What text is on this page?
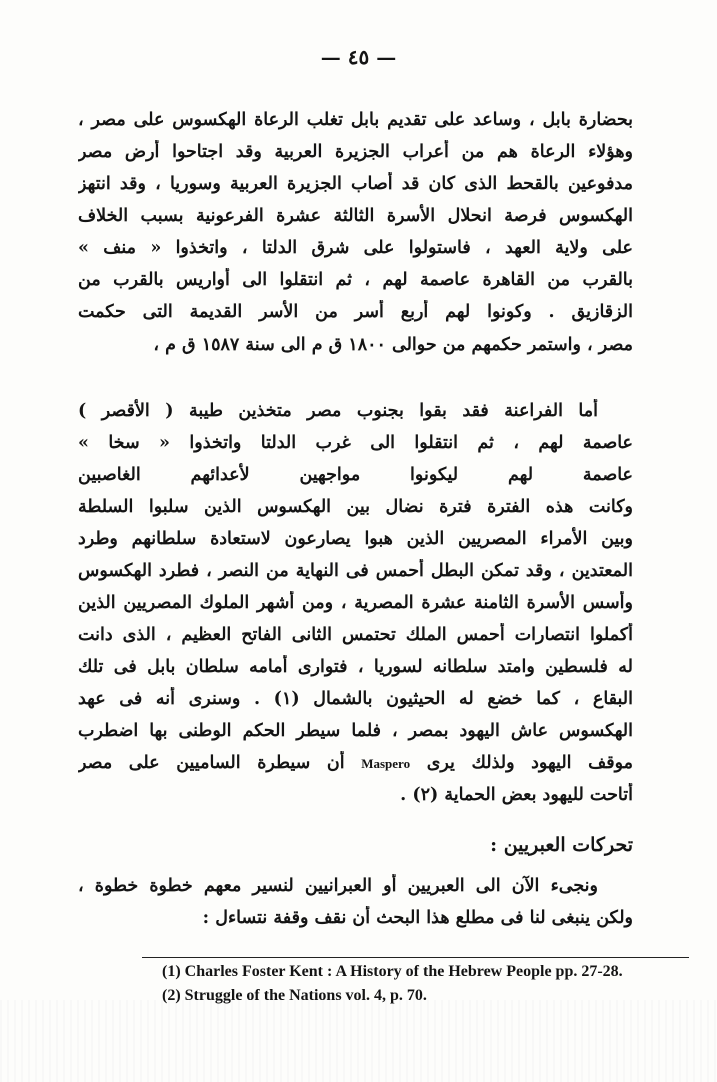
— ٤٥ —
بحضارة بابل ، وساعد على تقديم بابل تغلب الرعاة الهكسوس على مصر ،
وهؤلاء الرعاة هم من أعراب الجزيرة العربية وقد اجتاحوا أرض مصر
مدفوعين بالقحط الذى كان قد أصاب الجزيرة العربية وسوريا ، وقد انتهز
الهكسوس فرصة انحلال الأسرة الثالثة عشرة الفرعونية بسبب الخلاف
على ولاية العهد ، فاستولوا على شرق الدلتا ، واتخذوا « منف »
بالقرب من القاهرة عاصمة لهم ، ثم انتقلوا الى أواريس بالقرب من
الزقازيق . وكونوا لهم أربع أسر من الأسر القديمة التى حكمت
مصر ، واستمر حكمهم من حوالى ١٨٠٠ ق م الى سنة ١٥٨٧ ق م ،
أما الفراعنة فقد بقوا بجنوب مصر متخذين طيبة ( الأقصر )
عاصمة لهم ، ثم انتقلوا الى غرب الدلتا واتخذوا « سخا »
عاصمة لهم ليكونوا مواجهين لأعدائهم الغاصبين
وكانت هذه الفترة فترة نضال بين الهكسوس الذين سلبوا السلطة
وبين الأمراء المصريين الذين هبوا يصارعون لاستعادة سلطانهم وطرد
المعتدين ، وقد تمكن البطل أحمس فى النهاية من النصر ، فطرد الهكسوس
وأسس الأسرة الثامنة عشرة المصرية ، ومن أشهر الملوك المصريين الذين
أكملوا انتصارات أحمس الملك تحتمس الثانى الفاتح العظيم ، الذى دانت
له فلسطين وامتد سلطانه لسوريا ، فتوارى أمامه سلطان بابل فى تلك
البقاع ، كما خضع له الحيثيون بالشمال (١) . وسنرى أنه فى عهد
الهكسوس عاش اليهود بمصر ، فلما سيطر الحكم الوطنى بها اضطرب
موقف اليهود ولذلك يرى Maspero أن سيطرة الساميين على مصر
أتاحت لليهود بعض الحماية (٢) .
تحركات العبريين :
ونجىء الآن الى العبريين أو العبرانيين لنسير معهم خطوة خطوة ،
ولكن ينبغى لنا فى مطلع هذا البحث أن نقف وقفة نتساءل :
(1) Charles Foster Kent : A History of the Hebrew People pp. 27-28.
(2) Struggle of the Nations vol. 4, p. 70.
